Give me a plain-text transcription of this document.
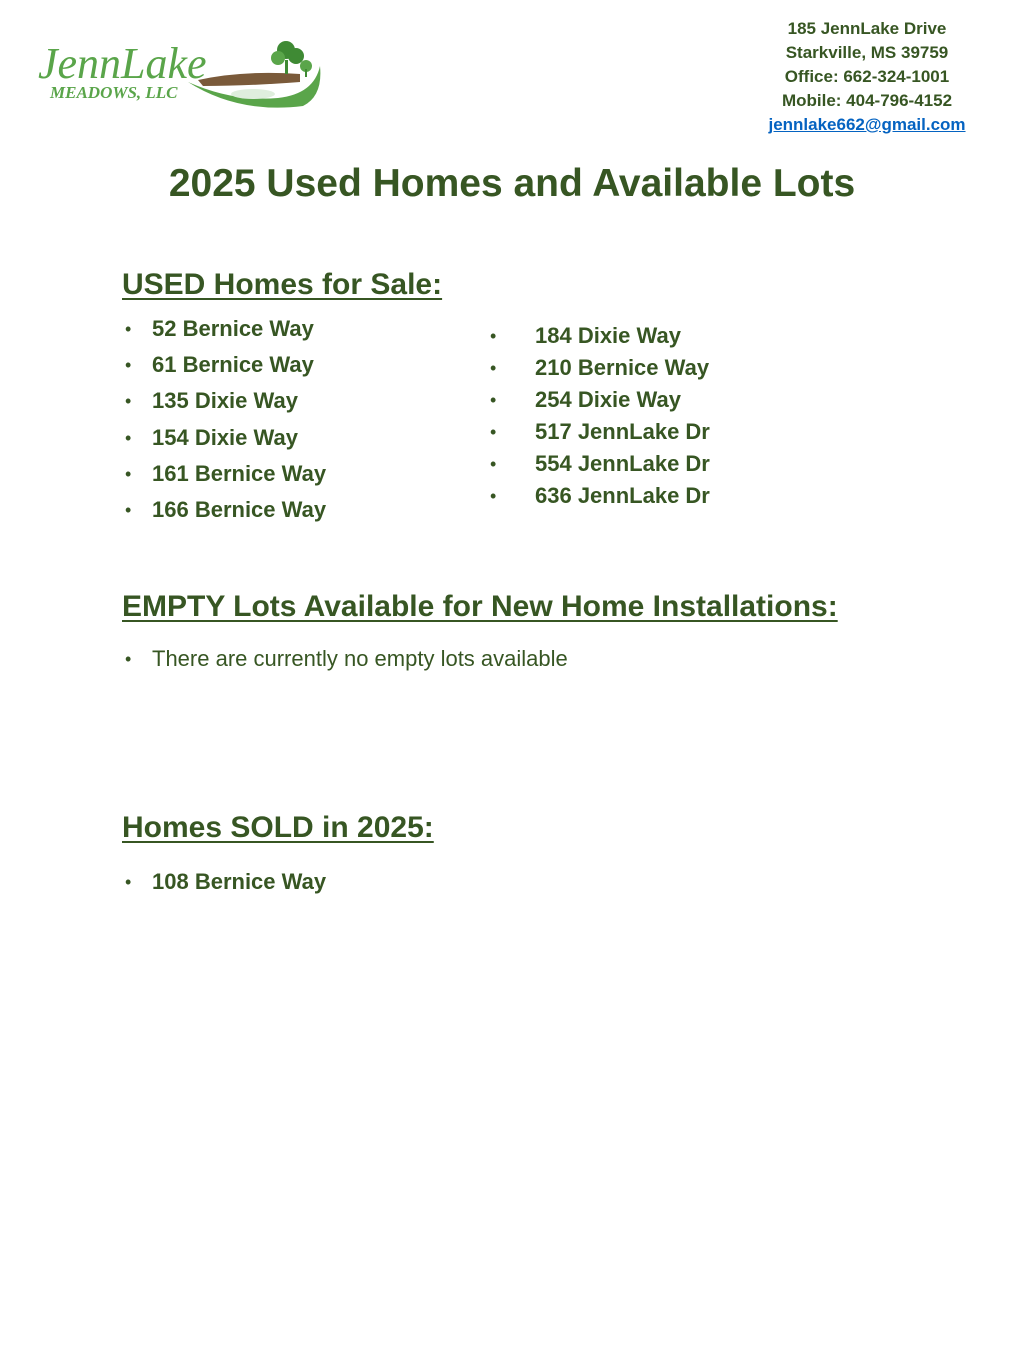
JennLake
MEADOWS, LLC
185 JennLake Drive
Starkville, MS 39759
Office: 662-324-1001
Mobile: 404-796-4152
jennlake662@gmail.com
2025 Used Homes and Available Lots
USED Homes for Sale:
• 52 Bernice Way
• 61 Bernice Way
• 135 Dixie Way
• 154 Dixie Way
• 161 Bernice Way
• 166 Bernice Way
• 184 Dixie Way
• 210 Bernice Way
• 254 Dixie Way
• 517 JennLake Dr
• 554 JennLake Dr
• 636 JennLake Dr
EMPTY Lots Available for New Home Installations:
• There are currently no empty lots available
Homes SOLD in 2025:
• 108 Bernice Way
